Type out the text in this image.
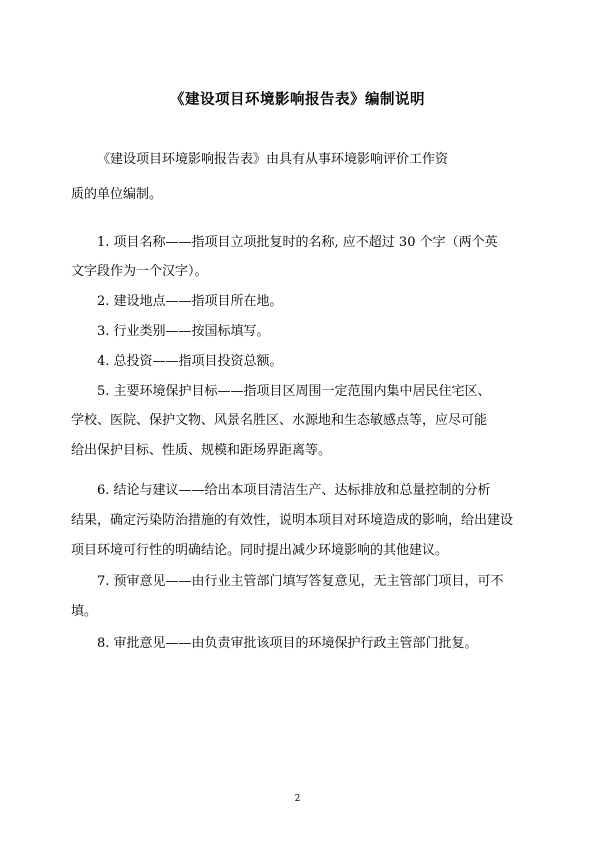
《建设项目环境影响报告表》编制说明
《建设项目环境影响报告表》由具有从事环境影响评价工作资
质的单位编制。
1. 项目名称——指项目立项批复时的名称, 应不超过 30 个字（两个英
文字段作为一个汉字）。
2. 建设地点——指项目所在地。
3. 行业类别——按国标填写。
4. 总投资——指项目投资总额。
5. 主要环境保护目标——指项目区周围一定范围内集中居民住宅区、
学校、医院、保护文物、风景名胜区、水源地和生态敏感点等，应尽可能
给出保护目标、性质、规模和距场界距离等。
6. 结论与建议——给出本项目清洁生产、达标排放和总量控制的分析
结果，确定污染防治措施的有效性，说明本项目对环境造成的影响，给出建设
项目环境可行性的明确结论。同时提出减少环境影响的其他建议。
7. 预审意见——由行业主管部门填写答复意见，无主管部门项目，可不
填。
8. 审批意见——由负责审批该项目的环境保护行政主管部门批复。
2
